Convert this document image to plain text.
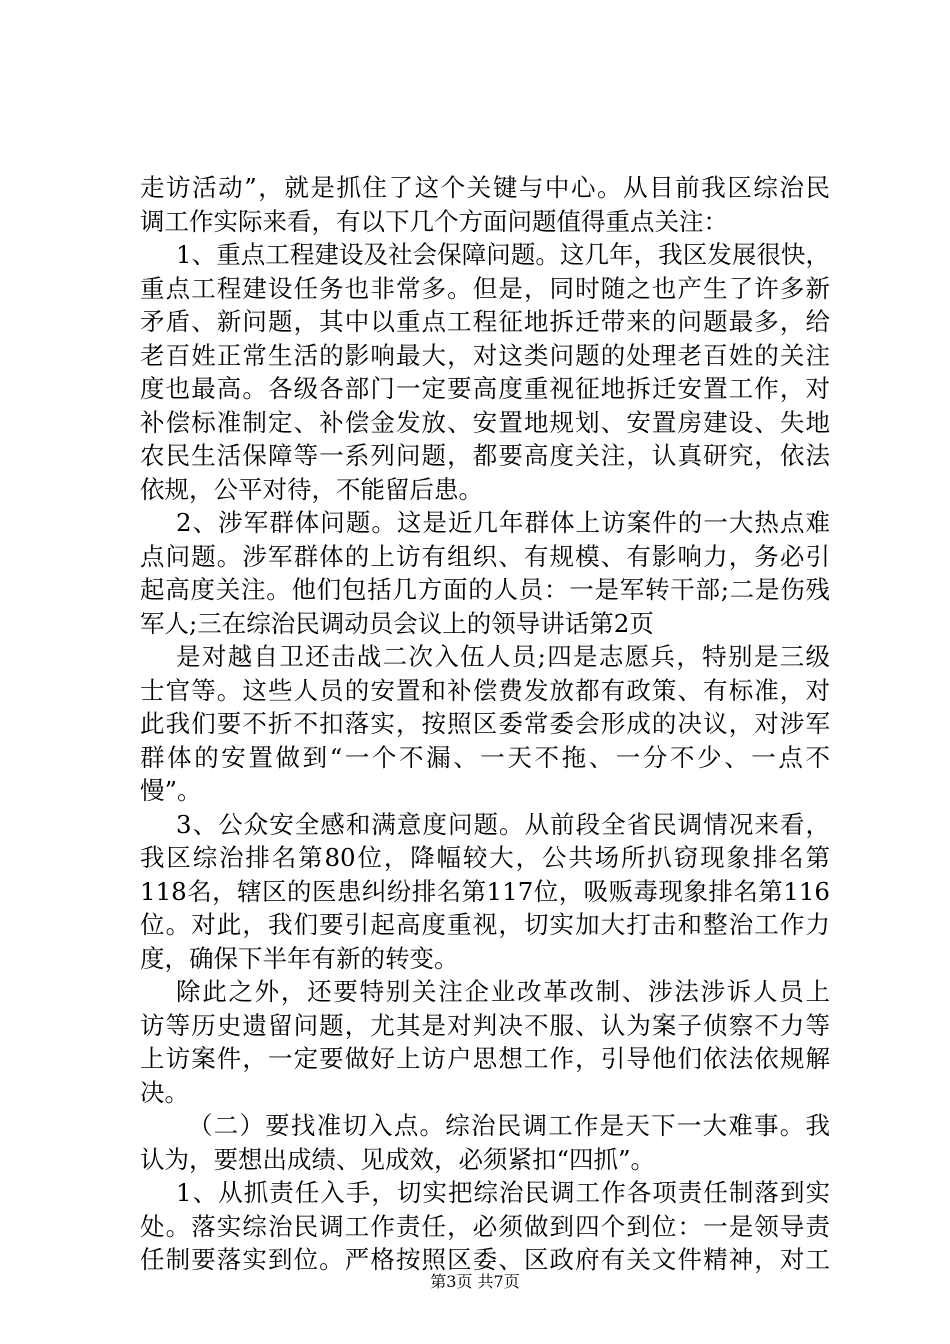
走访活动”，就是抓住了这个关键与中心。从目前我区综治民
调工作实际来看，有以下几个方面问题值得重点关注：
1、重点工程建设及社会保障问题。这几年，我区发展很快，
重点工程建设任务也非常多。但是，同时随之也产生了许多新
矛盾、新问题，其中以重点工程征地拆迁带来的问题最多，给
老百姓正常生活的影响最大，对这类问题的处理老百姓的关注
度也最高。各级各部门一定要高度重视征地拆迁安置工作，对
补偿标准制定、补偿金发放、安置地规划、安置房建设、失地
农民生活保障等一系列问题，都要高度关注，认真研究，依法
依规，公平对待，不能留后患。
2、涉军群体问题。这是近几年群体上访案件的一大热点难
点问题。涉军群体的上访有组织、有规模、有影响力，务必引
起高度关注。他们包括几方面的人员：一是军转干部;二是伤残
军人;三在综治民调动员会议上的领导讲话第2页
是对越自卫还击战二次入伍人员;四是志愿兵，特别是三级
士官等。这些人员的安置和补偿费发放都有政策、有标准，对
此我们要不折不扣落实，按照区委常委会形成的决议，对涉军
群体的安置做到“一个不漏、一天不拖、一分不少、一点不
慢”。
3、公众安全感和满意度问题。从前段全省民调情况来看，
我区综治排名第80位，降幅较大，公共场所扒窃现象排名第
118名，辖区的医患纠纷排名第117位，吸贩毒现象排名第116
位。对此，我们要引起高度重视，切实加大打击和整治工作力
度，确保下半年有新的转变。
除此之外，还要特别关注企业改革改制、涉法涉诉人员上
访等历史遗留问题，尤其是对判决不服、认为案子侦察不力等
上访案件，一定要做好上访户思想工作，引导他们依法依规解
决。
（二）要找准切入点。综治民调工作是天下一大难事。我
认为，要想出成绩、见成效，必须紧扣“四抓”。
1、从抓责任入手，切实把综治民调工作各项责任制落到实
处。落实综治民调工作责任，必须做到四个到位：一是领导责
第3页 共7页
任制要落实到位。严格按照区委、区政府有关文件精神，对工
